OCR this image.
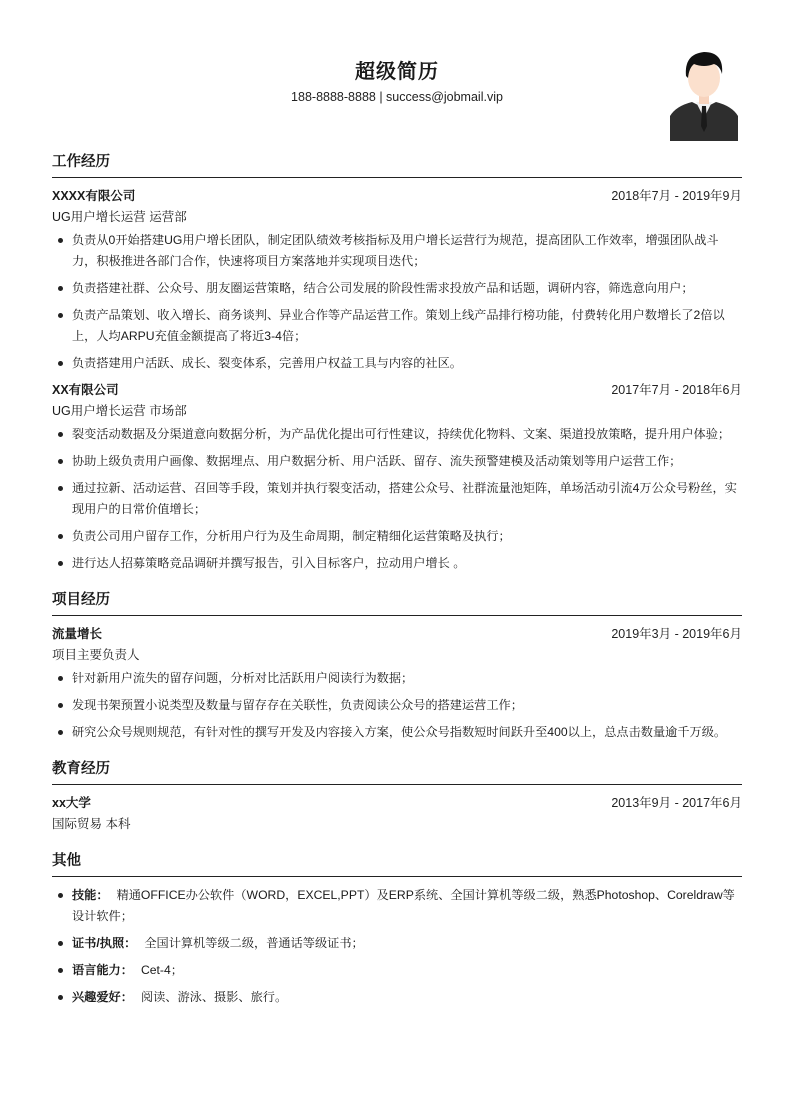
超级简历
188-8888-8888 | success@jobmail.vip
工作经历
XXXX有限公司	2018年7月 - 2019年9月
UG用户增长运营 运营部
负责从0开始搭建UG用户增长团队，制定团队绩效考核指标及用户增长运营行为规范，提高团队工作效率，增强团队战斗力，积极推进各部门合作，快速将项目方案落地并实现项目迭代；
负责搭建社群、公众号、朋友圈运营策略，结合公司发展的阶段性需求投放产品和话题，调研内容，筛选意向用户；
负责产品策划、收入增长、商务谈判、异业合作等产品运营工作。策划上线产品排行榜功能，付费转化用户数增长了2倍以上，人均ARPU充值金额提高了将近3-4倍；
负责搭建用户活跃、成长、裂变体系，完善用户权益工具与内容的社区。
XX有限公司	2017年7月 - 2018年6月
UG用户增长运营 市场部
裂变活动数据及分渠道意向数据分析，为产品优化提出可行性建议，持续优化物料、文案、渠道投放策略，提升用户体验；
协助上级负责用户画像、数据埋点、用户数据分析、用户活跃、留存、流失预警建模及活动策划等用户运营工作；
通过拉新、活动运营、召回等手段，策划并执行裂变活动，搭建公众号、社群流量池矩阵，单场活动引流4万公众号粉丝，实现用户的日常价值增长；
负责公司用户留存工作，分析用户行为及生命周期，制定精细化运营策略及执行；
进行达人招募策略竞品调研并撰写报告，引入目标客户，拉动用户增长 。
项目经历
流量增长	2019年3月 - 2019年6月
项目主要负责人
针对新用户流失的留存问题，分析对比活跃用户阅读行为数据；
发现书架预置小说类型及数量与留存存在关联性，负责阅读公众号的搭建运营工作；
研究公众号规则规范，有针对性的撰写开发及内容接入方案，使公众号指数短时间跃升至400以上，总点击数量逾千万级。
教育经历
xx大学	2013年9月 - 2017年6月
国际贸易 本科
其他
技能： 精通OFFICE办公软件（WORD，EXCEL,PPT）及ERP系统、全国计算机等级二级，熟悉Photoshop、Coreldraw等设计软件；
证书/执照： 全国计算机等级二级，普通话等级证书；
语言能力： Cet-4；
兴趣爱好： 阅读、游泳、摄影、旅行。
